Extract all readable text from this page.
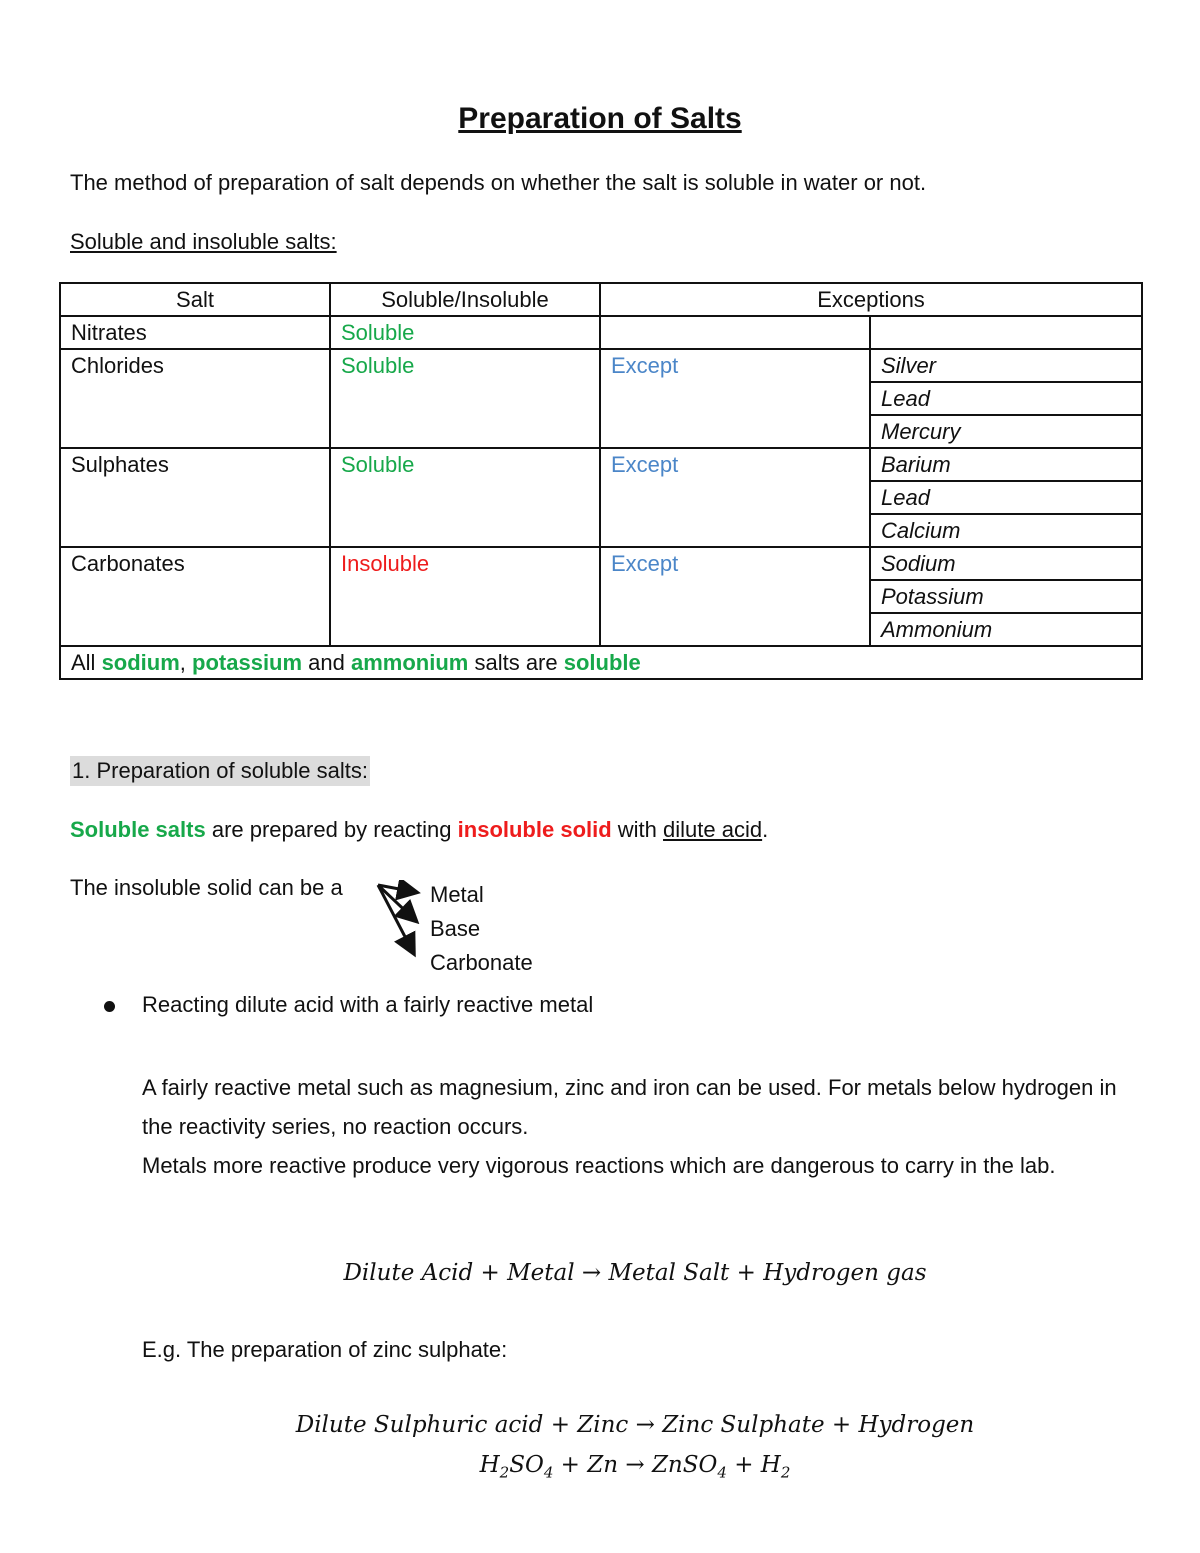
Preparation of Salts
The method of preparation of salt depends on whether the salt is soluble in water or not.
Soluble and insoluble salts:
Salt	Soluble/Insoluble	Exceptions	
Nitrates	Soluble		
Chlorides	Soluble	Except	Silver
			Lead
			Mercury
Sulphates	Soluble	Except	Barium
			Lead
			Calcium
Carbonates	Insoluble	Except	Sodium
			Potassium
			Ammonium
All sodium, potassium and ammonium salts are soluble			
1. Preparation of soluble salts:
Soluble salts are prepared by reacting insoluble solid with dilute acid.
The insoluble solid can be a	Metal
Base
Carbonate
Reacting dilute acid with a fairly reactive metal
A fairly reactive metal such as magnesium, zinc and iron can be used. For metals below hydrogen in the reactivity series, no reaction occurs.
Metals more reactive produce very vigorous reactions which are dangerous to carry in the lab.
Dilute Acid + Metal → Metal Salt + Hydrogen gas
E.g. The preparation of zinc sulphate:
Dilute Sulphuric acid + Zinc → Zinc Sulphate + Hydrogen
$H_2SO_4 + Zn$ → ZnSO$_4$ + $H_2$
